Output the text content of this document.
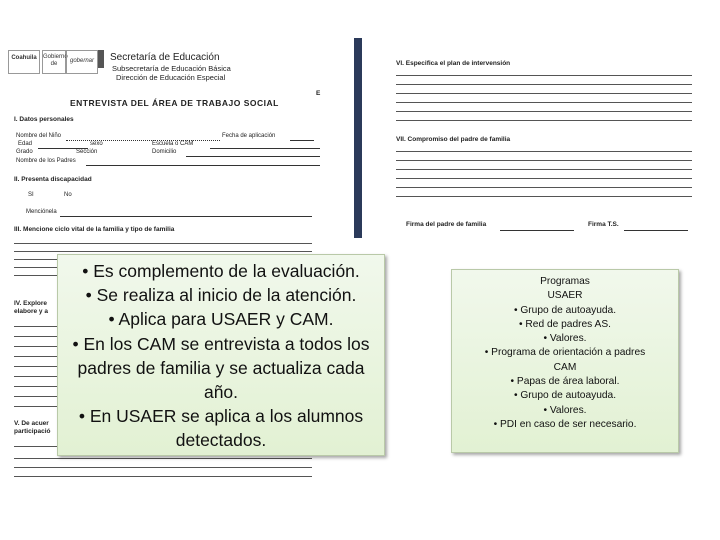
Coahuila	Gobierno de	gobernar Secretaría de Educación
Subsecretaría de Educación Básica
Dirección de Educación Especial
ENTREVISTA DEL ÁREA DE TRABAJO SOCIAL
E
I. Datos personales
Nombre del Niño	Fecha de aplicación
Edad	sexo	Escuela o CAM
Grado	Sección	Domicilio
Nombre de los Padres
II. Presenta discapacidad
SI	No
Menciónela
III. Mencione ciclo vital de la familia y tipo de familia
IV. Explore
elabore y a
V. De acuer
participació
VI. Especifica el plan de intervensión
VII. Compromiso del padre de familia
Firma del padre de familia	Firma T.S.
• Es complemento de la evaluación.
• Se realiza al inicio de la atención.
• Aplica para USAER y CAM.
• En los CAM se entrevista a todos los
padres de familia y se actualiza cada
año.
• En USAER se aplica a los alumnos
detectados.
Programas
USAER
• Grupo de autoayuda.
• Red de padres AS.
• Valores.
• Programa de orientación a padres
CAM
• Papas de área laboral.
• Grupo de autoayuda.
• Valores.
• PDI en caso de ser necesario.
